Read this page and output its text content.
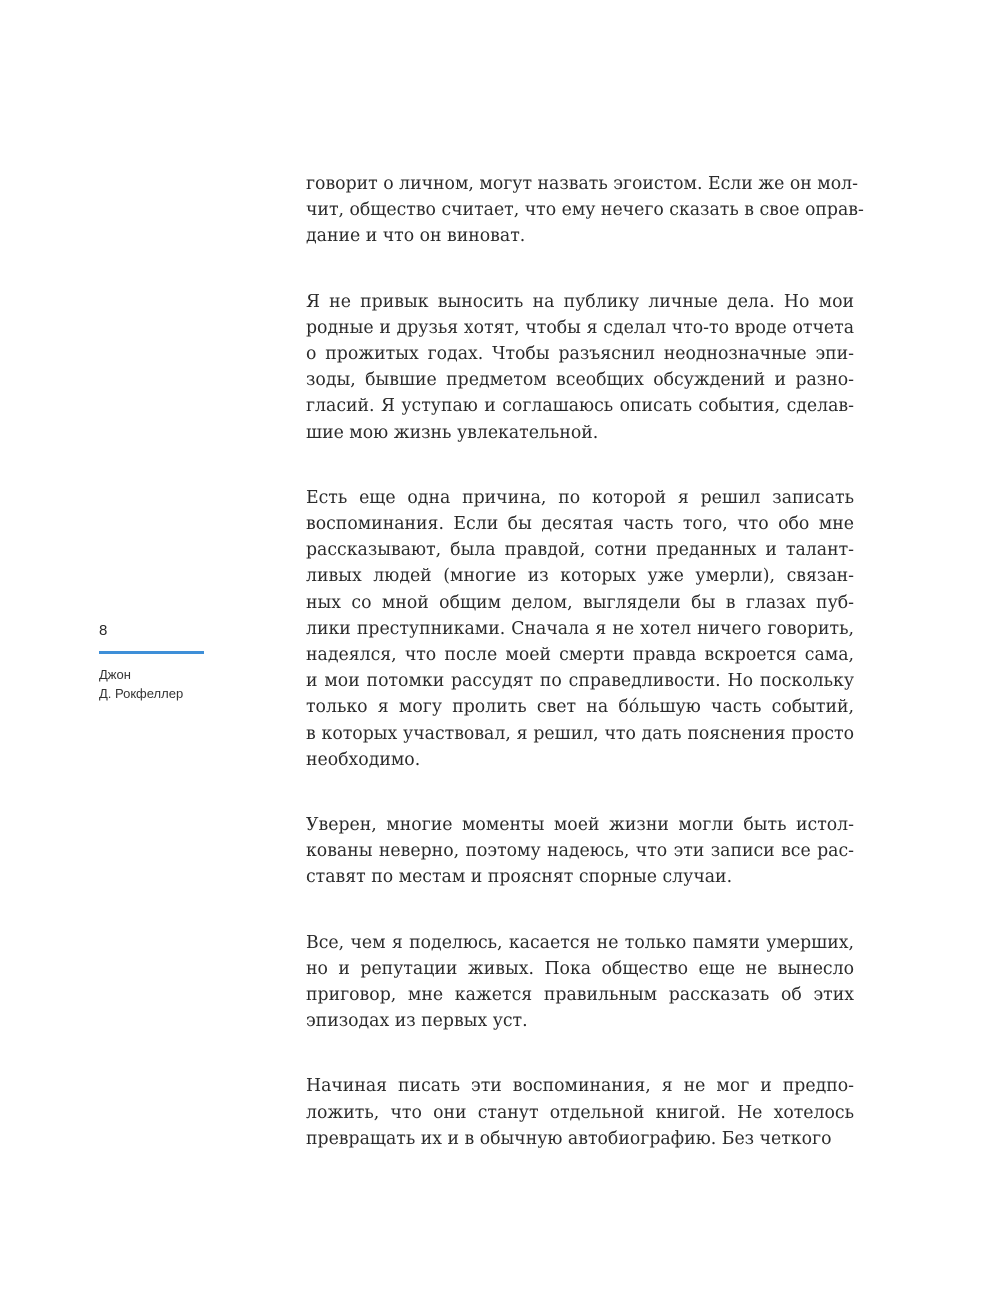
8

Джон
Д. Рокфеллер

говорит о личном, могут назвать эгоистом. Если же он мол-
чит, общество считает, что ему нечего сказать в свое оправ-
дание и что он виноват.

Я не привык выносить на публику личные дела. Но мои
родные и друзья хотят, чтобы я сделал что-то вроде отчета
о прожитых годах. Чтобы разъяснил неоднозначные эпи-
зоды, бывшие предметом всеобщих обсуждений и разно-
гласий. Я уступаю и соглашаюсь описать события, сделав-
шие мою жизнь увлекательной.

Есть еще одна причина, по которой я решил записать
воспоминания. Если бы десятая часть того, что обо мне
рассказывают, была правдой, сотни преданных и талант-
ливых людей (многие из которых уже умерли), связан-
ных со мной общим делом, выглядели бы в глазах пуб-
лики преступниками. Сначала я не хотел ничего говорить,
надеялся, что после моей смерти правда вскроется сама,
и мои потомки рассудят по справедливости. Но поскольку
только я могу пролить свет на бóльшую часть событий,
в которых участвовал, я решил, что дать пояснения просто
необходимо.

Уверен, многие моменты моей жизни могли быть истол-
кованы неверно, поэтому надеюсь, что эти записи все рас-
ставят по местам и прояснят спорные случаи.

Все, чем я поделюсь, касается не только памяти умерших,
но и репутации живых. Пока общество еще не вынесло
приговор, мне кажется правильным рассказать об этих
эпизодах из первых уст.

Начиная писать эти воспоминания, я не мог и предпо-
ложить, что они станут отдельной книгой. Не хотелось
превращать их и в обычную автобиографию. Без четкого
